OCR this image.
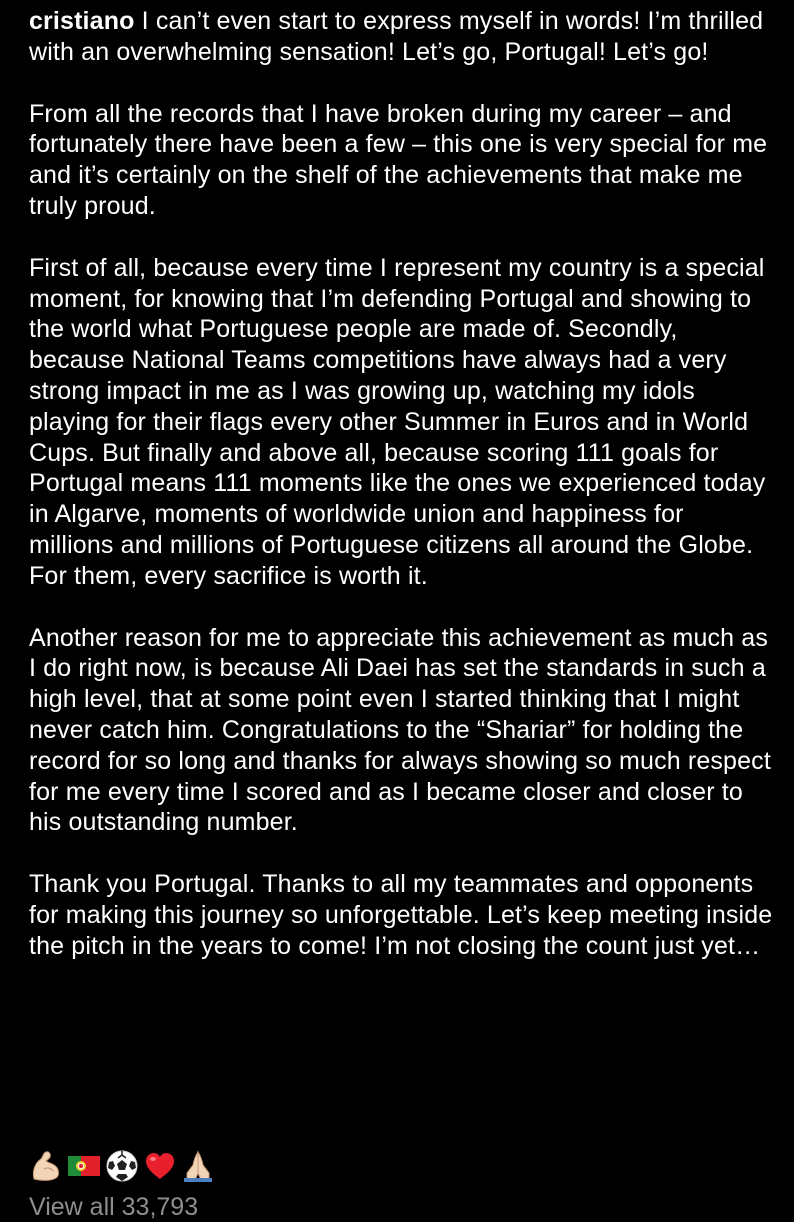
cristiano I can’t even start to express myself in words! I’m thrilled with an overwhelming sensation! Let’s go, Portugal! Let’s go!

From all the records that I have broken during my career – and fortunately there have been a few – this one is very special for me and it’s certainly on the shelf of the achievements that make me truly proud.

First of all, because every time I represent my country is a special moment, for knowing that I’m defending Portugal and showing to the world what Portuguese people are made of. Secondly, because National Teams competitions have always had a very strong impact in me as I was growing up, watching my idols playing for their flags every other Summer in Euros and in World Cups. But finally and above all, because scoring 111 goals for Portugal means 111 moments like the ones we experienced today in Algarve, moments of worldwide union and happiness for millions and millions of Portuguese citizens all around the Globe. For them, every sacrifice is worth it.

Another reason for me to appreciate this achievement as much as I do right now, is because Ali Daei has set the standards in such a high level, that at some point even I started thinking that I might never catch him. Congratulations to the “Shariar” for holding the record for so long and thanks for always showing so much respect for me every time I scored and as I became closer and closer to his outstanding number.

Thank you Portugal. Thanks to all my teammates and opponents for making this journey so unforgettable. Let’s keep meeting inside the pitch in the years to come! I’m not closing the count just yet…

View all 33,793
